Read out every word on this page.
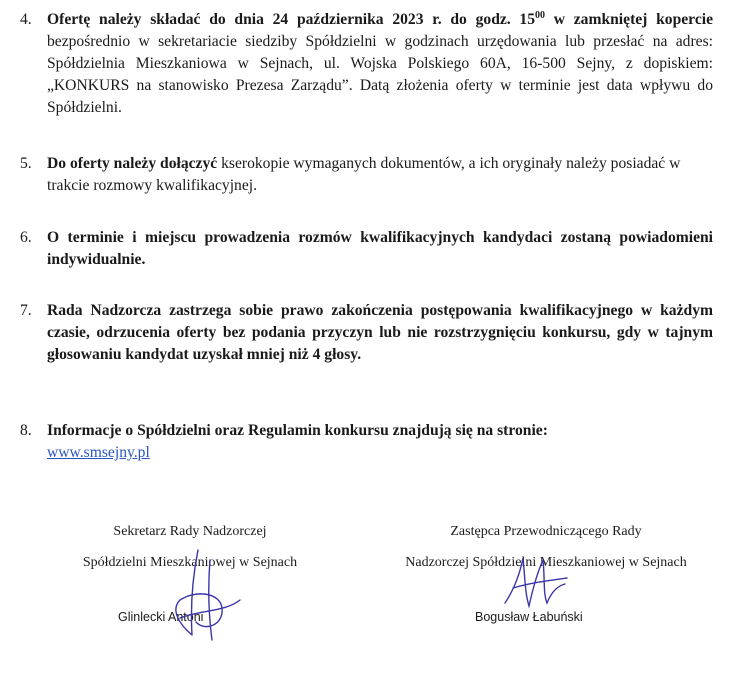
4. Ofertę należy składać do dnia 24 października 2023 r. do godz. $15^{00}$ w zamkniętej kopercie bezpośrednio w sekretariacie siedziby Spółdzielni w godzinach urzędowania lub przesłać na adres: Spółdzielnia Mieszkaniowa w Sejnach, ul. Wojska Polskiego 60A, 16-500 Sejny, z dopiskiem: „KONKURS na stanowisko Prezesa Zarządu”. Datą złożenia oferty w terminie jest data wpływu do Spółdzielni.
5. Do oferty należy dołączyć kserokopie wymaganych dokumentów, a ich oryginały należy posiadać w trakcie rozmowy kwalifikacyjnej.
6. O terminie i miejscu prowadzenia rozmów kwalifikacyjnych kandydaci zostaną powiadomieni indywidualnie.
7. Rada Nadzorcza zastrzega sobie prawo zakończenia postępowania kwalifikacyjnego w każdym czasie, odrzucenia oferty bez podania przyczyn lub nie rozstrzygnięciu konkursu, gdy w tajnym głosowaniu kandydat uzyskał mniej niż 4 głosy.
8. Informacje o Spółdzielni oraz Regulamin konkursu znajdują się na stronie:
www.smsejny.pl
Sekretarz Rady Nadzorczej
Spółdzielni Mieszkaniowej w Sejnach
Glinlecki Antoni
Zastępca Przewodniczącego Rady
Nadzorczej Spółdzielni Mieszkaniowej w Sejnach
Bogusław Łabuński
